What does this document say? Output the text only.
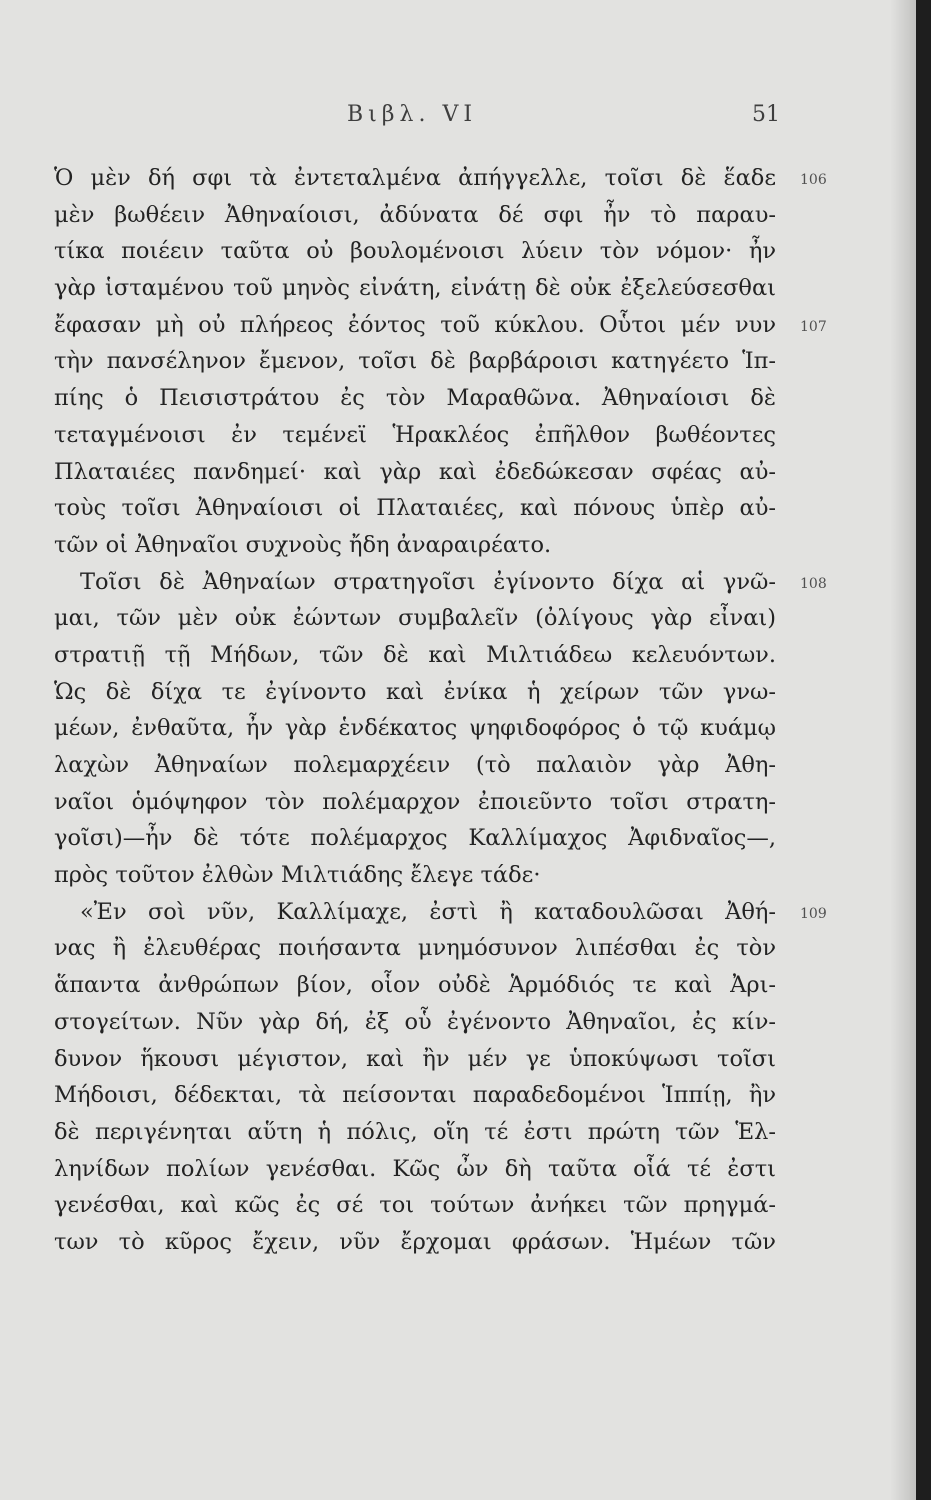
Βιβλ. VI	51
Ὁ μὲν δή σφι τὰ ἐντεταλμένα ἀπήγγελλε, τοῖσι δὲ ἕαδε
μὲν βωθέειν Ἀθηναίοισι, ἀδύνατα δέ σφι ἦν τὸ παραυ-
τίκα ποιέειν ταῦτα οὐ βουλομένοισι λύειν τὸν νόμον· ἦν
γὰρ ἱσταμένου τοῦ μηνὸς εἰνάτη, εἰνάτῃ δὲ οὐκ ἐξελεύσεσθαι
ἔφασαν μὴ οὐ πλήρεος ἐόντος τοῦ κύκλου. Οὗτοι μέν νυν
τὴν πανσέληνον ἔμενον, τοῖσι δὲ βαρβάροισι κατηγέετο Ἱπ-
πίης ὁ Πεισιστράτου ἐς τὸν Μαραθῶνα. Ἀθηναίοισι δὲ
τεταγμένοισι ἐν τεμένεϊ Ἡρακλέος ἐπῆλθον βωθέοντες
Πλαταιέες πανδημεί· καὶ γὰρ καὶ ἐδεδώκεσαν σφέας αὐ-
τοὺς τοῖσι Ἀθηναίοισι οἱ Πλαταιέες, καὶ πόνους ὑπὲρ αὐ-
τῶν οἱ Ἀθηναῖοι συχνοὺς ἤδη ἀναραιρέατο.
Τοῖσι δὲ Ἀθηναίων στρατηγοῖσι ἐγίνοντο δίχα αἱ γνῶ-
μαι, τῶν μὲν οὐκ ἐώντων συμβαλεῖν (ὀλίγους γὰρ εἶναι)
στρατιῇ τῇ Μήδων, τῶν δὲ καὶ Μιλτιάδεω κελευόντων.
Ὡς δὲ δίχα τε ἐγίνοντο καὶ ἐνίκα ἡ χείρων τῶν γνω-
μέων, ἐνθαῦτα, ἦν γὰρ ἑνδέκατος ψηφιδοφόρος ὁ τῷ κυάμῳ
λαχὼν Ἀθηναίων πολεμαρχέειν (τὸ παλαιὸν γὰρ Ἀθη-
ναῖοι ὁμόψηφον τὸν πολέμαρχον ἐποιεῦντο τοῖσι στρατη-
γοῖσι)—ἦν δὲ τότε πολέμαρχος Καλλίμαχος Ἀφιδναῖος—,
πρὸς τοῦτον ἐλθὼν Μιλτιάδης ἔλεγε τάδε·
«Ἐν σοὶ νῦν, Καλλίμαχε, ἐστὶ ἢ καταδουλῶσαι Ἀθή-
νας ἢ ἐλευθέρας ποιήσαντα μνημόσυνον λιπέσθαι ἐς τὸν
ἅπαντα ἀνθρώπων βίον, οἷον οὐδὲ Ἁρμόδιός τε καὶ Ἀρι-
στογείτων. Νῦν γὰρ δή, ἐξ οὗ ἐγένοντο Ἀθηναῖοι, ἐς κίν-
δυνον ἥκουσι μέγιστον, καὶ ἢν μέν γε ὑποκύψωσι τοῖσι
Μήδοισι, δέδεκται, τὰ πείσονται παραδεδομένοι Ἱππίῃ, ἢν
δὲ περιγένηται αὕτη ἡ πόλις, οἵη τέ ἐστι πρώτη τῶν Ἑλ-
ληνίδων πολίων γενέσθαι. Κῶς ὦν δὴ ταῦτα οἷά τέ ἐστι
γενέσθαι, καὶ κῶς ἐς σέ τοι τούτων ἀνήκει τῶν πρηγμά-
των τὸ κῦρος ἔχειν, νῦν ἔρχομαι φράσων. Ἡμέων τῶν
106
107
108
109
